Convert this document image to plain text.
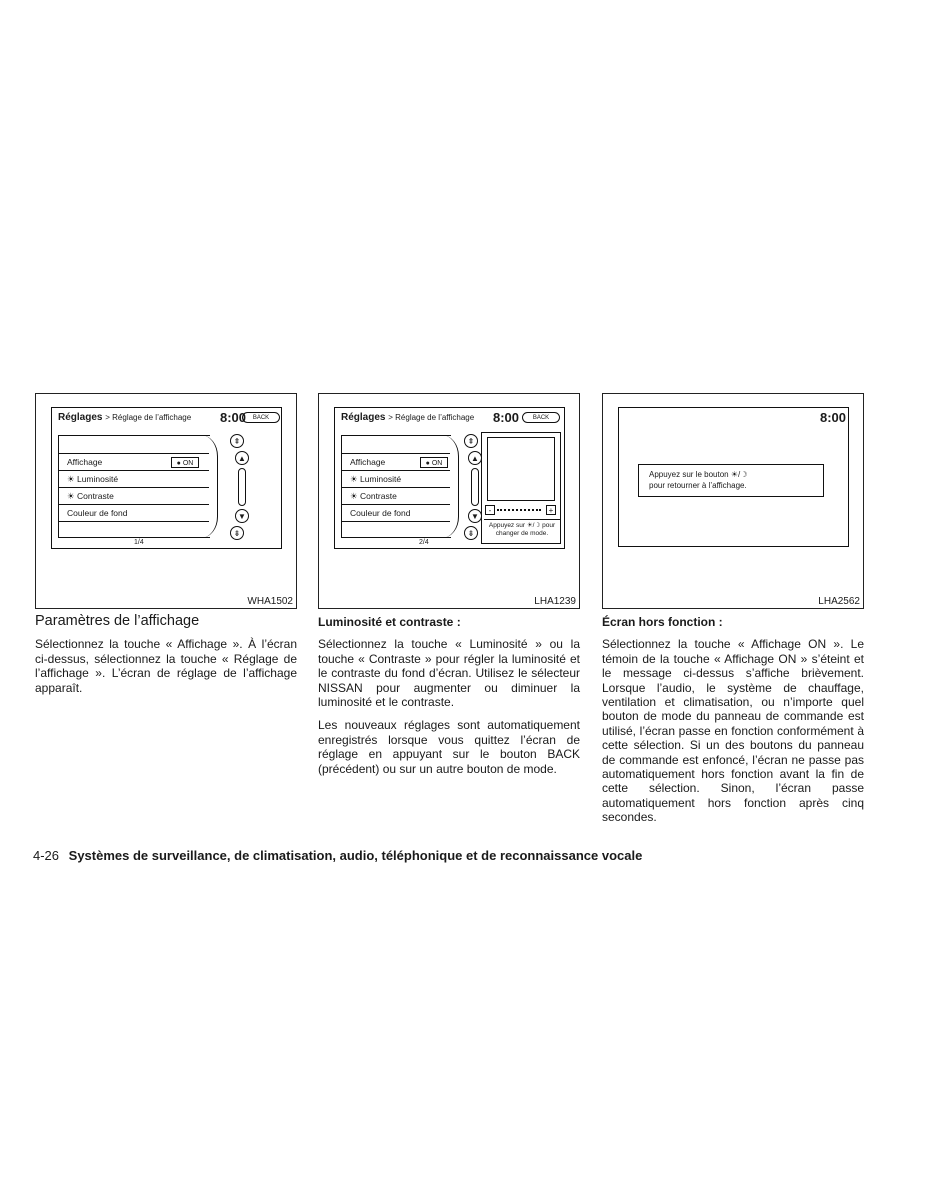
Réglages > Réglage de l’affichage 8:00	BACK
Affichage	● ON
☀ Luminosité
☀ Contraste
Couleur de fond
⇞
▲
▼
⇟
1/4
WHA1502
Réglages > Réglage de l’affichage 8:00	BACK
Affichage	● ON
☀ Luminosité
☀ Contraste
Couleur de fond
⇞
▲
▼
⇟
2/4
-	+
Appuyez sur ☀/☽ pour changer de mode.
LHA1239
8:00
Appuyez sur le bouton ☀/☽
pour retourner à l’affichage.
LHA2562
Paramètres de l’affichage

Sélectionnez la touche « Affichage ». À l’écran ci-dessus, sélectionnez la touche « Réglage de l’affichage ». L’écran de réglage de l’affichage apparaît.

Luminosité et contraste :

Sélectionnez la touche « Luminosité » ou la touche « Contraste » pour régler la luminosité et le contraste du fond d’écran. Utilisez le sélecteur NISSAN pour augmenter ou diminuer la luminosité et le contraste.

Les nouveaux réglages sont automatiquement enregistrés lorsque vous quittez l’écran de réglage en appuyant sur le bouton BACK (précédent) ou sur un autre bouton de mode.

Écran hors fonction :

Sélectionnez la touche « Affichage ON ». Le témoin de la touche « Affichage ON » s’éteint et le message ci-dessus s’affiche brièvement. Lorsque l’audio, le système de chauffage, ventilation et climatisation, ou n’importe quel bouton de mode du panneau de commande est utilisé, l’écran passe en fonction conformément à cette sélection. Si un des boutons du panneau de commande est enfoncé, l’écran ne passe pas automatiquement hors fonction avant la fin de cette sélection. Sinon, l’écran passe automatiquement hors fonction après cinq secondes.

4-26 Systèmes de surveillance, de climatisation, audio, téléphonique et de reconnaissance vocale
